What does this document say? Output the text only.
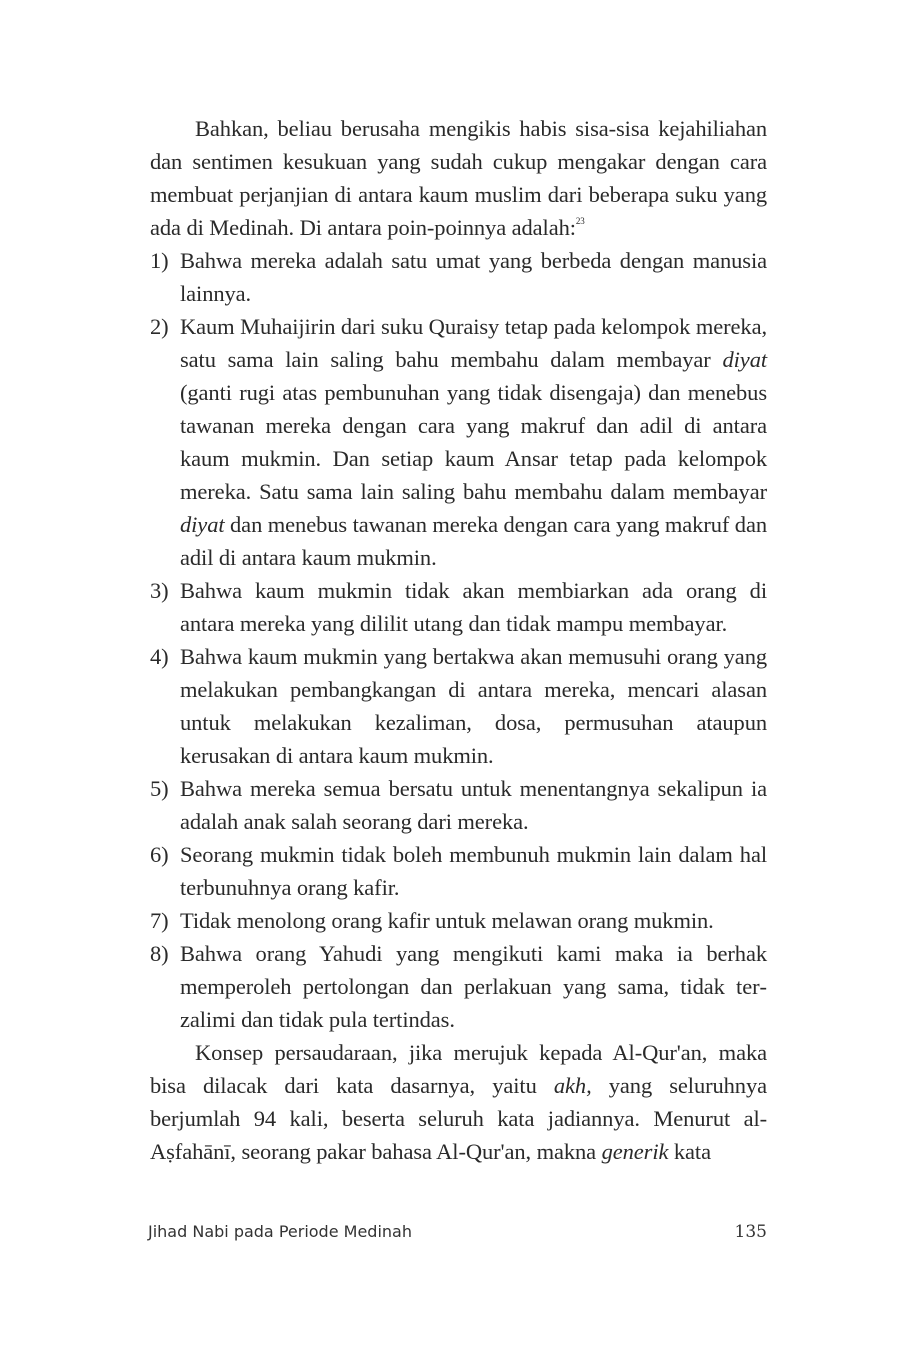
Bahkan, beliau berusaha mengikis habis sisa-sisa kejahiliahan dan sentimen kesukuan yang sudah cukup mengakar dengan cara membuat perjanjian di antara kaum muslim dari beberapa suku yang ada di Medinah. Di antara poin-poinnya adalah:$^{23}$

1) Bahwa mereka adalah satu umat yang berbeda dengan manusia lainnya.
2) Kaum Muhaijirin dari suku Quraisy tetap pada kelompok mereka, satu sama lain saling bahu membahu dalam membayar diyat (ganti rugi atas pembunuhan yang tidak disengaja) dan menebus tawanan mereka dengan cara yang makruf dan adil di antara kaum mukmin. Dan setiap kaum Ansar tetap pada kelompok mereka. Satu sama lain saling bahu membahu dalam membayar diyat dan menebus tawanan mereka dengan cara yang makruf dan adil di antara kaum mukmin.
3) Bahwa kaum mukmin tidak akan membiarkan ada orang di antara mereka yang dililit utang dan tidak mampu membayar.
4) Bahwa kaum mukmin yang bertakwa akan memusuhi orang yang melakukan pembangkangan di antara mereka, mencari alasan untuk melakukan kezaliman, dosa, permusuhan ataupun kerusakan di antara kaum mukmin.
5) Bahwa mereka semua bersatu untuk menentangnya sekalipun ia adalah anak salah seorang dari mereka.
6) Seorang mukmin tidak boleh membunuh mukmin lain dalam hal terbunuhnya orang kafir.
7) Tidak menolong orang kafir untuk melawan orang mukmin.
8) Bahwa orang Yahudi yang mengikuti kami maka ia berhak memperoleh pertolongan dan perlakuan yang sama, tidak terzalimi dan tidak pula tertindas.

Konsep persaudaraan, jika merujuk kepada Al-Qur'an, maka bisa dilacak dari kata dasarnya, yaitu akh, yang seluruhnya berjumlah 94 kali, beserta seluruh kata jadiannya. Menurut al-Aṣfahānī, seorang pakar bahasa Al-Qur'an, makna generik kata

Jihad Nabi pada Periode Medinah	135
